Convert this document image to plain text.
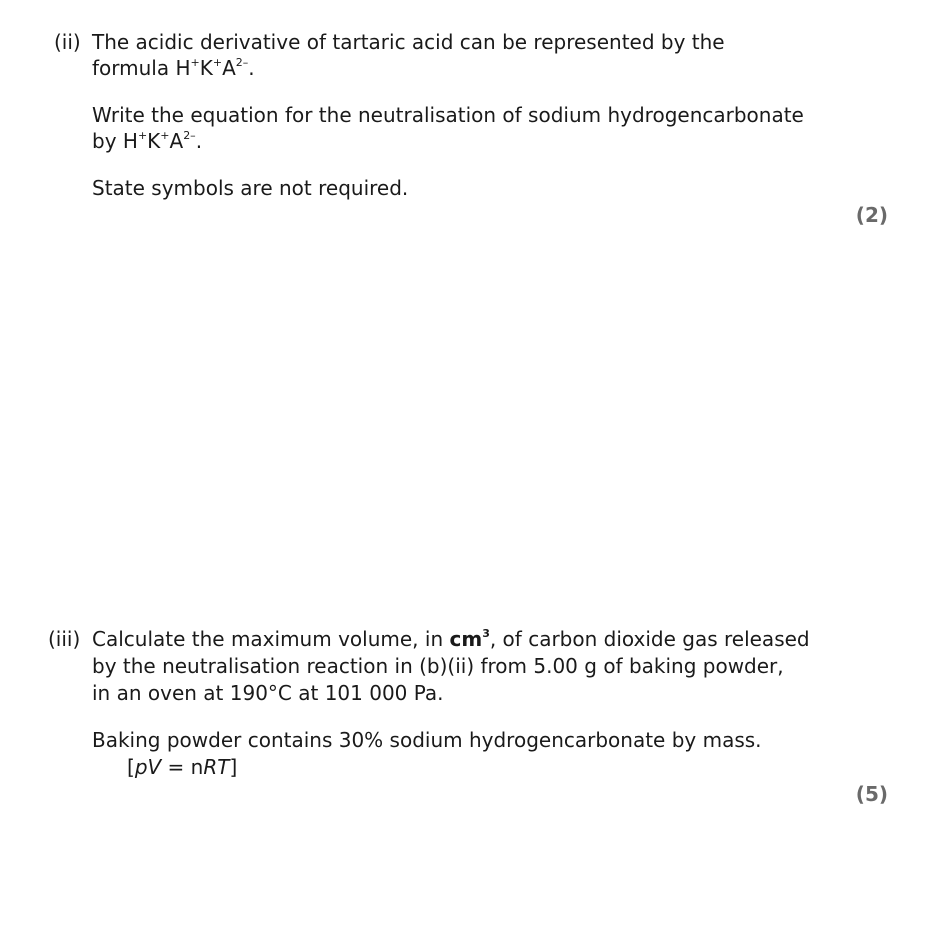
(ii) The acidic derivative of tartaric acid can be represented by the
formula $H^+K^+A^{2-}$.
Write the equation for the neutralisation of sodium hydrogencarbonate
by $H^+K^+A^{2-}$.
State symbols are not required.
(2)
(iii) Calculate the maximum volume, in $cm^3$, of carbon dioxide gas released
by the neutralisation reaction in (b)(ii) from 5.00 g of baking powder,
in an oven at 190°C at 101 000 Pa.
Baking powder contains 30% sodium hydrogencarbonate by mass.
[pV = nRT]
(5)
